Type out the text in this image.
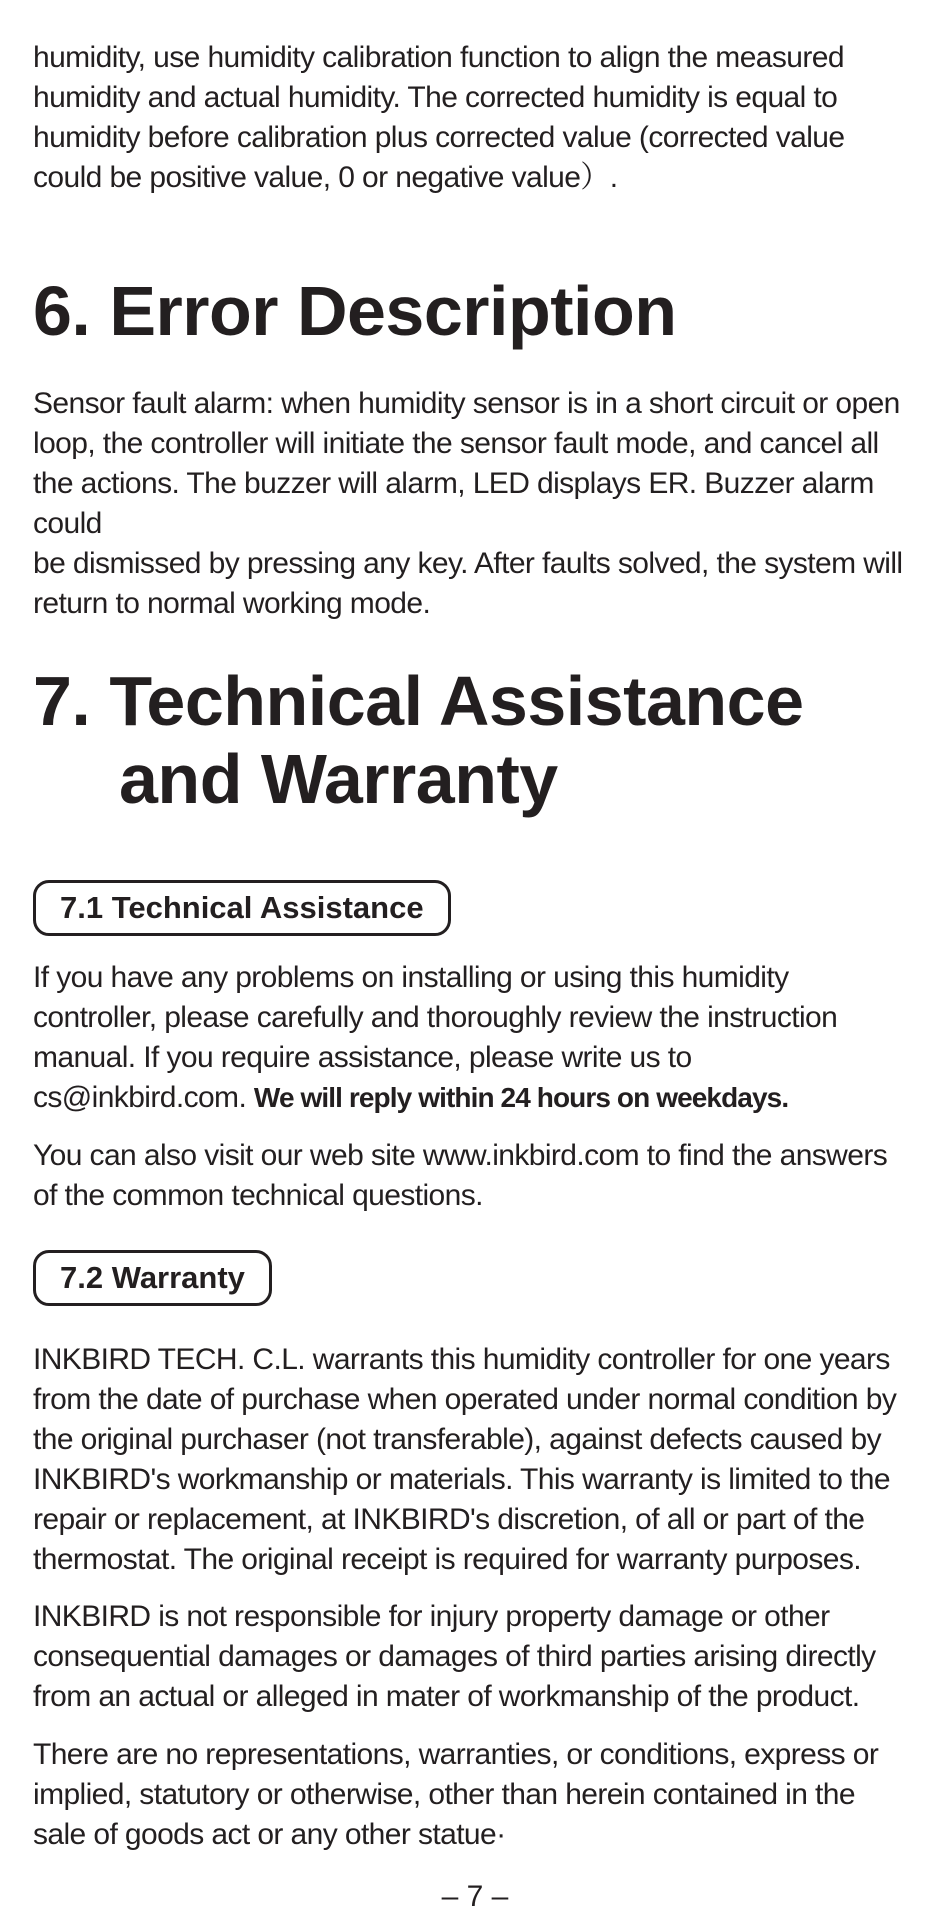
humidity, use humidity calibration function to align the measured
humidity and actual humidity. The corrected humidity is equal to
humidity before calibration plus corrected value (corrected value
could be positive value, 0 or negative value）.

6. Error Description

Sensor fault alarm: when humidity sensor is in a short circuit or open
loop, the controller will initiate the sensor fault mode, and cancel all
the actions. The buzzer will alarm, LED displays ER. Buzzer alarm could
be dismissed by pressing any key. After faults solved, the system will
return to normal working mode.

7. Technical Assistance
and Warranty
7.1 Technical Assistance

If you have any problems on installing or using this humidity
controller, please carefully and thoroughly review the instruction
manual. If you require assistance, please write us to
cs@inkbird.com. We will reply within 24 hours on weekdays.

You can also visit our web site www.inkbird.com to find the answers
of the common technical questions.

7.2 Warranty

INKBIRD TECH. C.L. warrants this humidity controller for one years
from the date of purchase when operated under normal condition by
the original purchaser (not transferable), against defects caused by
INKBIRD's workmanship or materials. This warranty is limited to the
repair or replacement, at INKBIRD's discretion, of all or part of the
thermostat. The original receipt is required for warranty purposes.

INKBIRD is not responsible for injury property damage or other
consequential damages or damages of third parties arising directly
from an actual or alleged in mater of workmanship of the product.

There are no representations, warranties, or conditions, express or
implied, statutory or otherwise, other than herein contained in the
sale of goods act or any other statue·

– 7 –
